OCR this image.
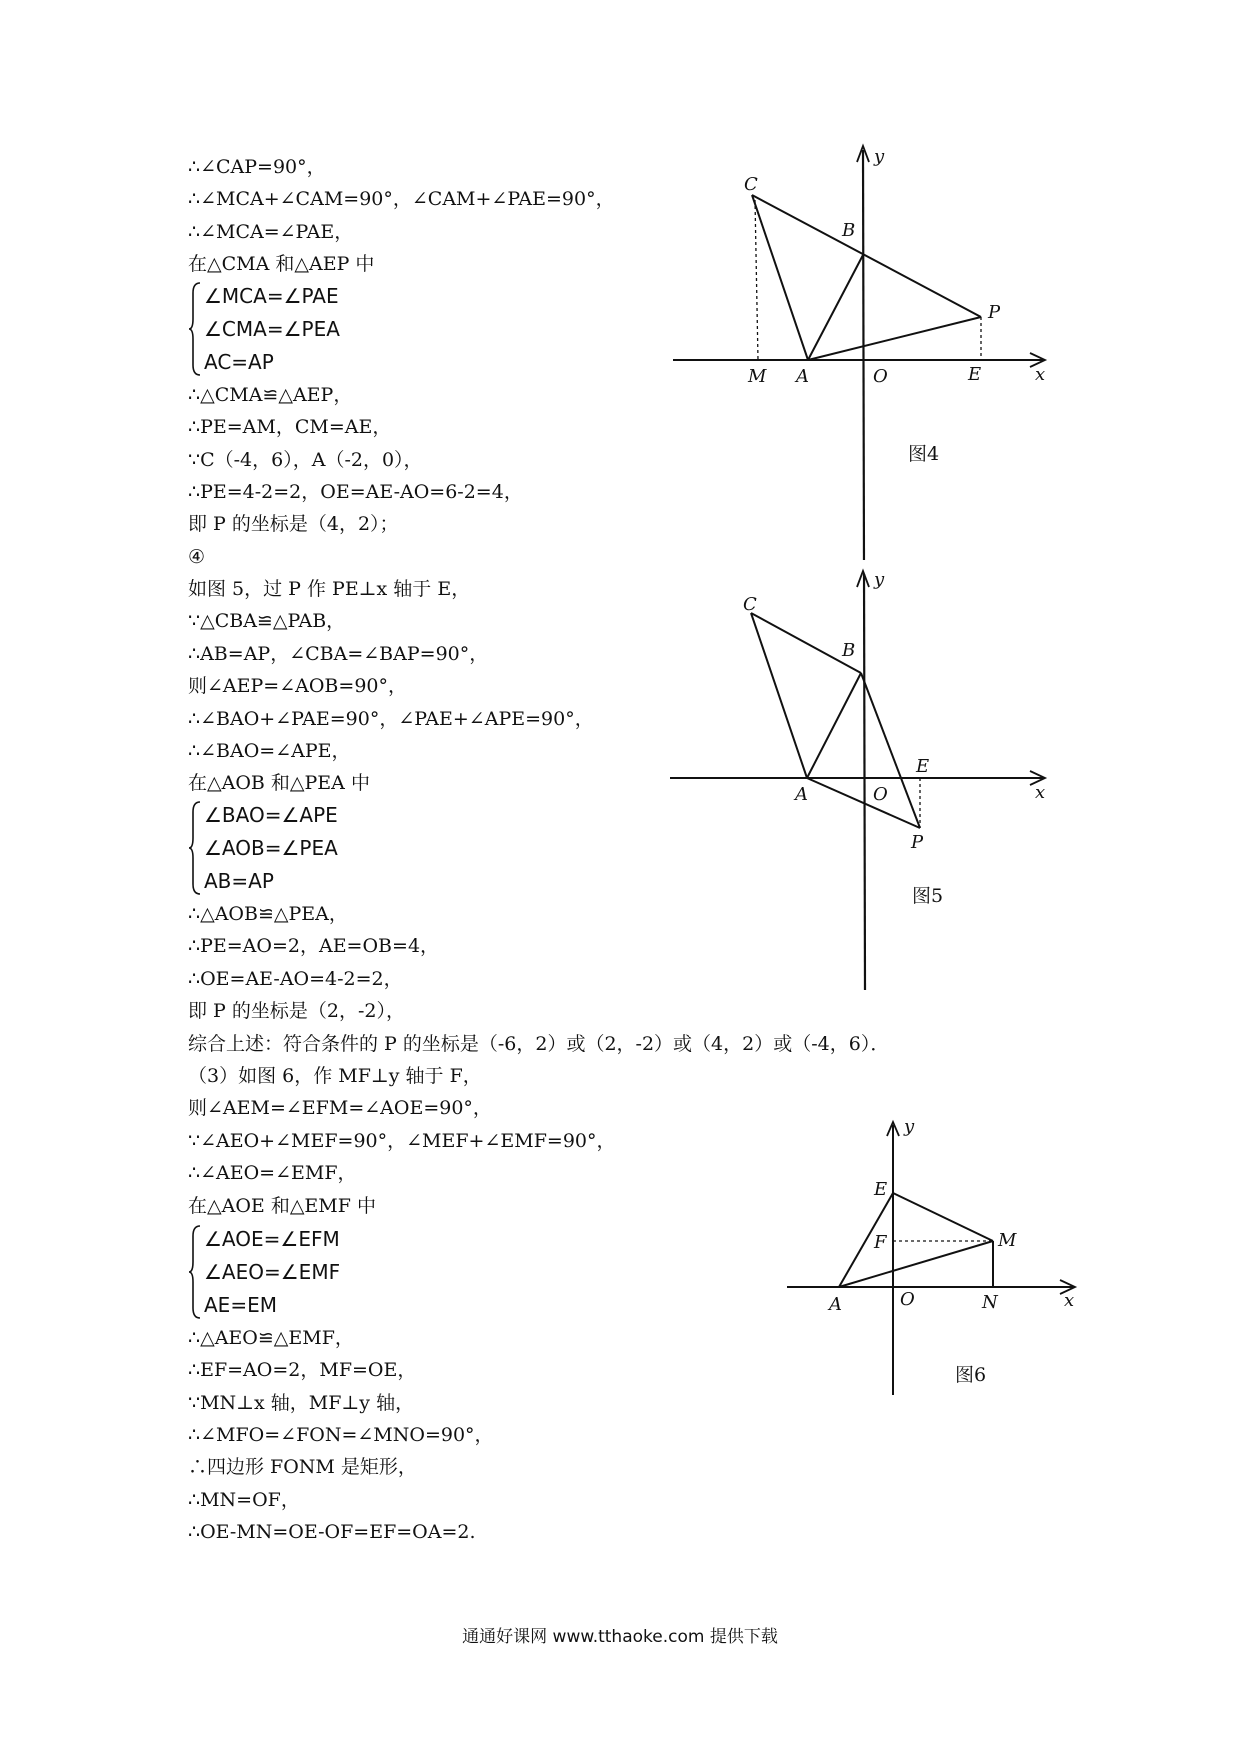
∴∠CAP=90°，
∴∠MCA+∠CAM=90°，∠CAM+∠PAE=90°，
∴∠MCA=∠PAE，
在△CMA 和△AEP 中
∠MCA=∠PAE
∠CMA=∠PEA
AC=AP
∴△CMA≌△AEP，
∴PE=AM，CM=AE，
∵C（-4，6），A（-2，0），
∴PE=4-2=2，OE=AE-AO=6-2=4，
即 P 的坐标是（4，2）；
④
如图 5，过 P 作 PE⊥x 轴于 E，
∵△CBA≌△PAB，
∴AB=AP，∠CBA=∠BAP=90°，
则∠AEP=∠AOB=90°，
∴∠BAO+∠PAE=90°，∠PAE+∠APE=90°，
∴∠BAO=∠APE，
在△AOB 和△PEA 中
∠BAO=∠APE
∠AOB=∠PEA
AB=AP
∴△AOB≌△PEA，
∴PE=AO=2，AE=OB=4，
∴OE=AE-AO=4-2=2，
即 P 的坐标是（2，-2），
综合上述：符合条件的 P 的坐标是（-6，2）或（2，-2）或（4，2）或（-4，6）．
（3）如图 6，作 MF⊥y 轴于 F，
则∠AEM=∠EFM=∠AOE=90°，
∵∠AEO+∠MEF=90°，∠MEF+∠EMF=90°，
∴∠AEO=∠EMF，
在△AOE 和△EMF 中
∠AOE=∠EFM
∠AEO=∠EMF
AE=EM
∴△AEO≌△EMF，
∴EF=AO=2，MF=OE，
∵MN⊥x 轴，MF⊥y 轴，
∴∠MFO=∠FON=∠MNO=90°，
∴四边形 FONM 是矩形，
∴MN=OF，
∴OE-MN=OE-OF=EF=OA=2.
C
B
P
M A	O	E	x
y
图4
C
B
E
A	O
P
x
y
图5
E
F	M
A	O	N	x
y
图6
通通好课网 www.tthaoke.com 提供下载
